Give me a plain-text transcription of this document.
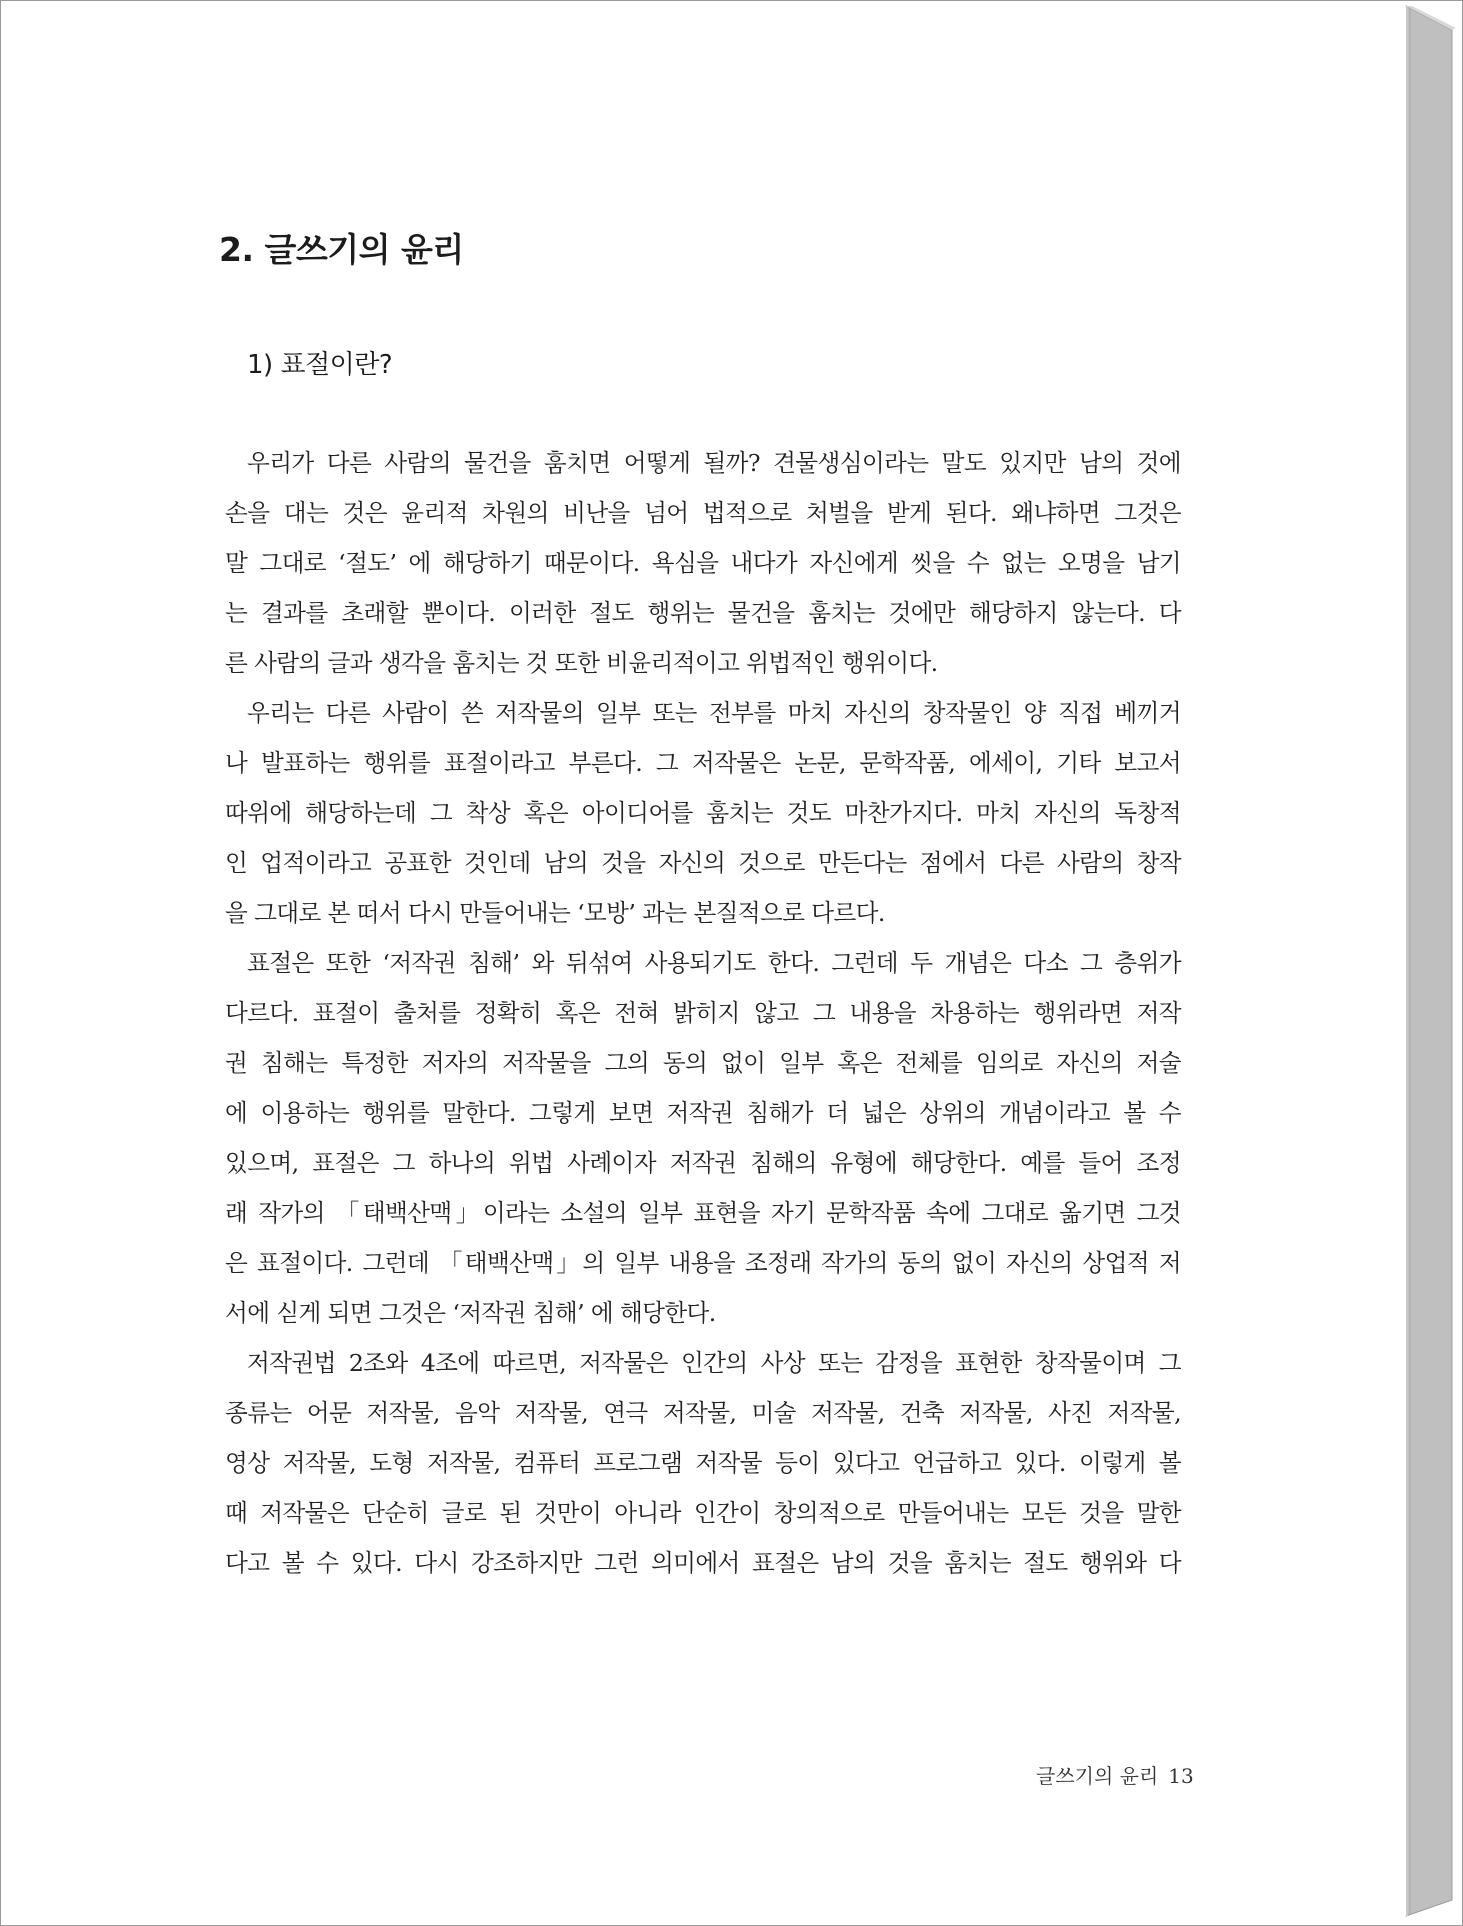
2. 글쓰기의 윤리
1) 표절이란?
우리가 다른 사람의 물건을 훔치면 어떻게 될까? 견물생심이라는 말도 있지만 남의 것에
손을 대는 것은 윤리적 차원의 비난을 넘어 법적으로 처벌을 받게 된다. 왜냐하면 그것은
말 그대로 ‘절도’ 에 해당하기 때문이다. 욕심을 내다가 자신에게 씻을 수 없는 오명을 남기
는 결과를 초래할 뿐이다. 이러한 절도 행위는 물건을 훔치는 것에만 해당하지 않는다. 다
른 사람의 글과 생각을 훔치는 것 또한 비윤리적이고 위법적인 행위이다.
우리는 다른 사람이 쓴 저작물의 일부 또는 전부를 마치 자신의 창작물인 양 직접 베끼거
나 발표하는 행위를 표절이라고 부른다. 그 저작물은 논문, 문학작품, 에세이, 기타 보고서
따위에 해당하는데 그 착상 혹은 아이디어를 훔치는 것도 마찬가지다. 마치 자신의 독창적
인 업적이라고 공표한 것인데 남의 것을 자신의 것으로 만든다는 점에서 다른 사람의 창작
을 그대로 본 떠서 다시 만들어내는 ‘모방’ 과는 본질적으로 다르다.
표절은 또한 ‘저작권 침해’ 와 뒤섞여 사용되기도 한다. 그런데 두 개념은 다소 그 층위가
다르다. 표절이 출처를 정확히 혹은 전혀 밝히지 않고 그 내용을 차용하는 행위라면 저작
권 침해는 특정한 저자의 저작물을 그의 동의 없이 일부 혹은 전체를 임의로 자신의 저술
에 이용하는 행위를 말한다. 그렇게 보면 저작권 침해가 더 넓은 상위의 개념이라고 볼 수
있으며, 표절은 그 하나의 위법 사례이자 저작권 침해의 유형에 해당한다. 예를 들어 조정
래 작가의 「태백산맥」이라는 소설의 일부 표현을 자기 문학작품 속에 그대로 옮기면 그것
은 표절이다. 그런데 「태백산맥」의 일부 내용을 조정래 작가의 동의 없이 자신의 상업적 저
서에 싣게 되면 그것은 ‘저작권 침해’ 에 해당한다.
저작권법 2조와 4조에 따르면, 저작물은 인간의 사상 또는 감정을 표현한 창작물이며 그
종류는 어문 저작물, 음악 저작물, 연극 저작물, 미술 저작물, 건축 저작물, 사진 저작물,
영상 저작물, 도형 저작물, 컴퓨터 프로그램 저작물 등이 있다고 언급하고 있다. 이렇게 볼
때 저작물은 단순히 글로 된 것만이 아니라 인간이 창의적으로 만들어내는 모든 것을 말한
다고 볼 수 있다. 다시 강조하지만 그런 의미에서 표절은 남의 것을 훔치는 절도 행위와 다
글쓰기의 윤리 13
